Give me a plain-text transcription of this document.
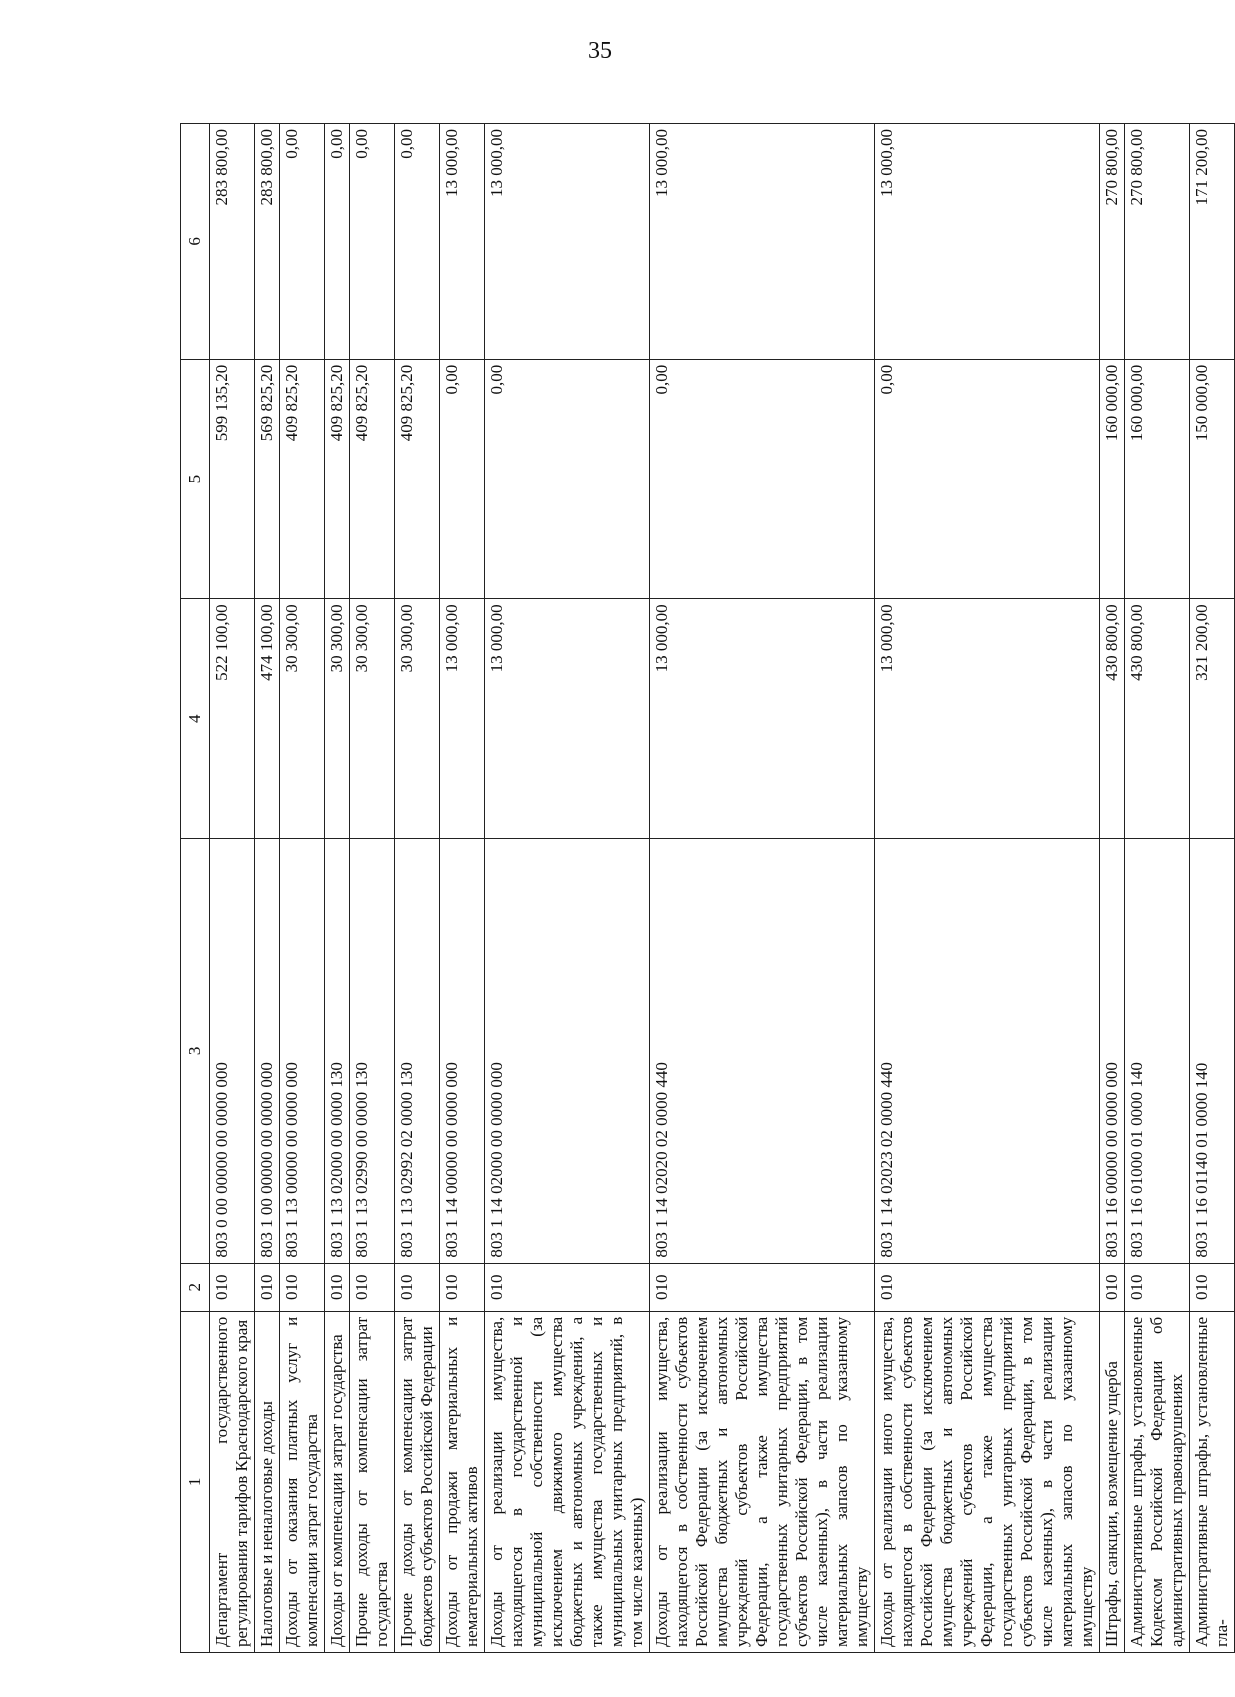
35
1	2	3	4	5	6
Департамент государственного регулирования тарифов Краснодарского края	010	803 0 00 00000 00 0000 000	522 100,00	599 135,20	283 800,00
Налоговые и неналоговые доходы	010	803 1 00 00000 00 0000 000	474 100,00	569 825,20	283 800,00
Доходы от оказания платных услуг и компенсации затрат государства	010	803 1 13 00000 00 0000 000	30 300,00	409 825,20	0,00
Доходы от компенсации затрат государства	010	803 1 13 02000 00 0000 130	30 300,00	409 825,20	0,00
Прочие доходы от компенсации затрат государства	010	803 1 13 02990 00 0000 130	30 300,00	409 825,20	0,00
Прочие доходы от компенсации затрат бюджетов субъектов Российской Федерации	010	803 1 13 02992 02 0000 130	30 300,00	409 825,20	0,00
Доходы от продажи материальных и нематериальных активов	010	803 1 14 00000 00 0000 000	13 000,00	0,00	13 000,00
Доходы от реализации имущества, находящегося в государственной и муниципальной собственности (за исключением движимого имущества бюджетных и автономных учреждений, а также имущества государственных и муниципальных унитарных предприятий, в том числе казенных)	010	803 1 14 02000 00 0000 000	13 000,00	0,00	13 000,00
Доходы от реализации имущества, находящегося в собственности субъектов Российской Федерации (за исключением имущества бюджетных и автономных учреждений субъектов Российской Федерации, а также имущества государственных унитарных предприятий субъектов Российской Федерации, в том числе казенных), в части реализации материальных запасов по указанному имуществу	010	803 1 14 02020 02 0000 440	13 000,00	0,00	13 000,00
Доходы от реализации иного имущества, находящегося в собственности субъектов Российской Федерации (за исключением имущества бюджетных и автономных учреждений субъектов Российской Федерации, а также имущества государственных унитарных предприятий субъектов Российской Федерации, в том числе казенных), в части реализации материальных запасов по указанному имуществу	010	803 1 14 02023 02 0000 440	13 000,00	0,00	13 000,00
Штрафы, санкции, возмещение ущерба	010	803 1 16 00000 00 0000 000	430 800,00	160 000,00	270 800,00
Административные штрафы, установленные Кодексом Российской Федерации об административных правонарушениях	010	803 1 16 01000 01 0000 140	430 800,00	160 000,00	270 800,00
Административные штрафы, установленные гла-	010	803 1 16 01140 01 0000 140	321 200,00	150 000,00	171 200,00
